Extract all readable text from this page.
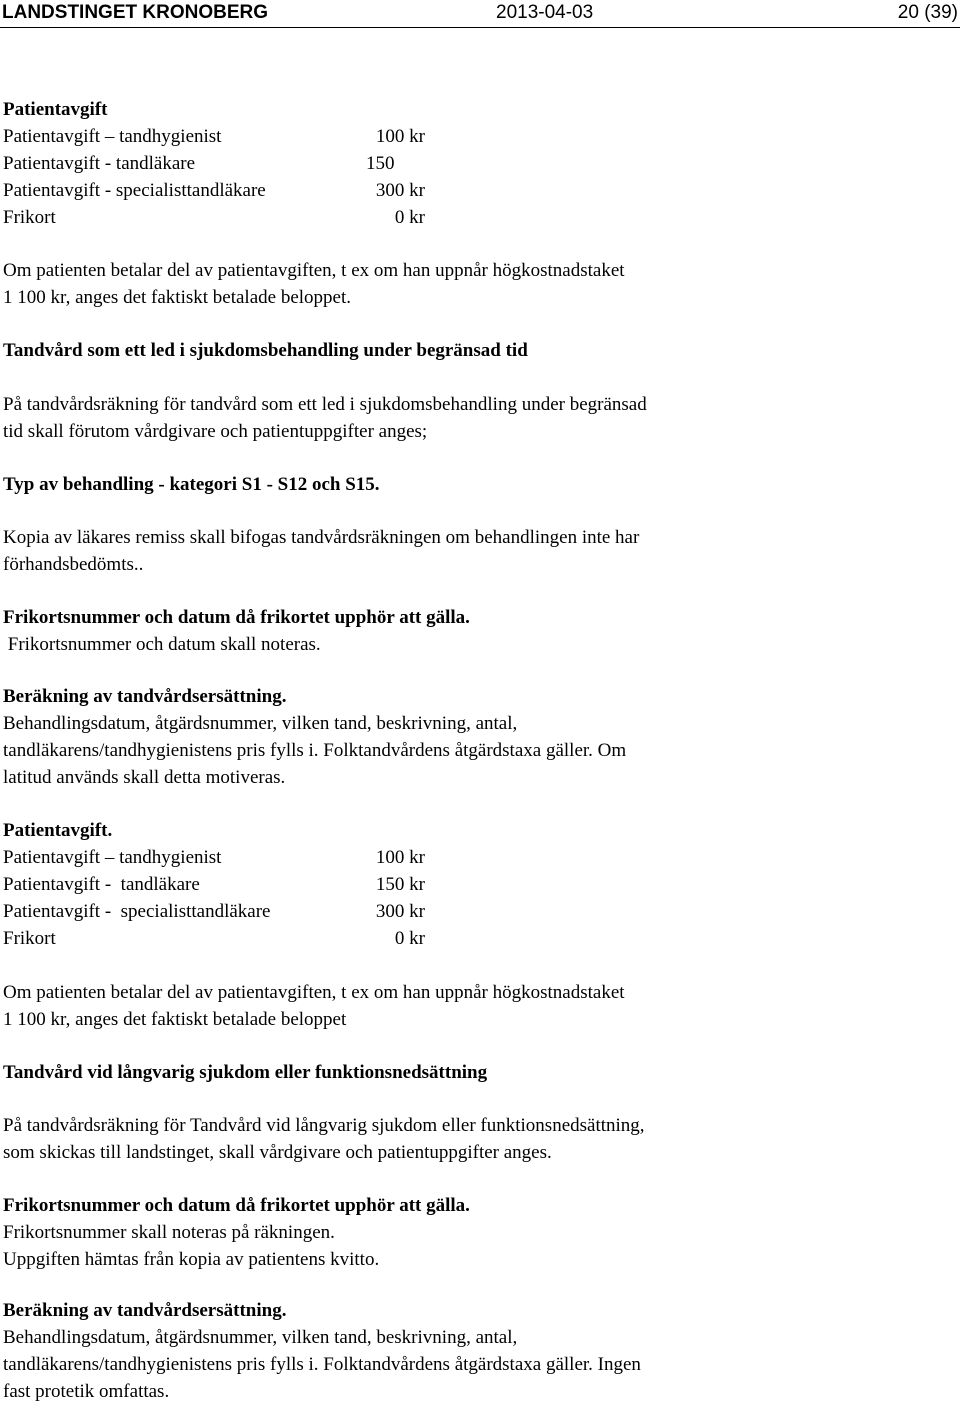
LANDSTINGET KRONOBERG	2013-04-03	20 (39)

Patientavgift

Patientavgift – tandhygienist	100 kr
Patientavgift - tandläkare	150
Patientavgift - specialisttandläkare	300 kr
Frikort	0 kr

Om patienten betalar del av patientavgiften, t ex om han uppnår högkostnadstaket

1 100 kr, anges det faktiskt betalade beloppet.

Tandvård som ett led i sjukdomsbehandling under begränsad tid

På tandvårdsräkning för tandvård som ett led i sjukdomsbehandling under begränsad

tid skall förutom vårdgivare och patientuppgifter anges;

Typ av behandling - kategori S1 - S12 och S15.

Kopia av läkares remiss skall bifogas tandvårdsräkningen om behandlingen inte har

förhandsbedömts..

Frikortsnummer och datum då frikortet upphör att gälla.

Frikortsnummer och datum skall noteras.

Beräkning av tandvårdsersättning.

Behandlingsdatum, åtgärdsnummer, vilken tand, beskrivning, antal,

tandläkarens/tandhygienistens pris fylls i. Folktandvårdens åtgärdstaxa gäller. Om

latitud används skall detta motiveras.

Patientavgift.

Patientavgift – tandhygienist	100 kr
Patientavgift -  tandläkare	150 kr
Patientavgift -  specialisttandläkare	300 kr
Frikort	0 kr

Om patienten betalar del av patientavgiften, t ex om han uppnår högkostnadstaket

1 100 kr, anges det faktiskt betalade beloppet

Tandvård vid långvarig sjukdom eller funktionsnedsättning

På tandvårdsräkning för Tandvård vid långvarig sjukdom eller funktionsnedsättning,

som skickas till landstinget, skall vårdgivare och patientuppgifter anges.

Frikortsnummer och datum då frikortet upphör att gälla.

Frikortsnummer skall noteras på räkningen.

Uppgiften hämtas från kopia av patientens kvitto.

Beräkning av tandvårdsersättning.

Behandlingsdatum, åtgärdsnummer, vilken tand, beskrivning, antal,

tandläkarens/tandhygienistens pris fylls i. Folktandvårdens åtgärdstaxa gäller. Ingen

fast protetik omfattas.
